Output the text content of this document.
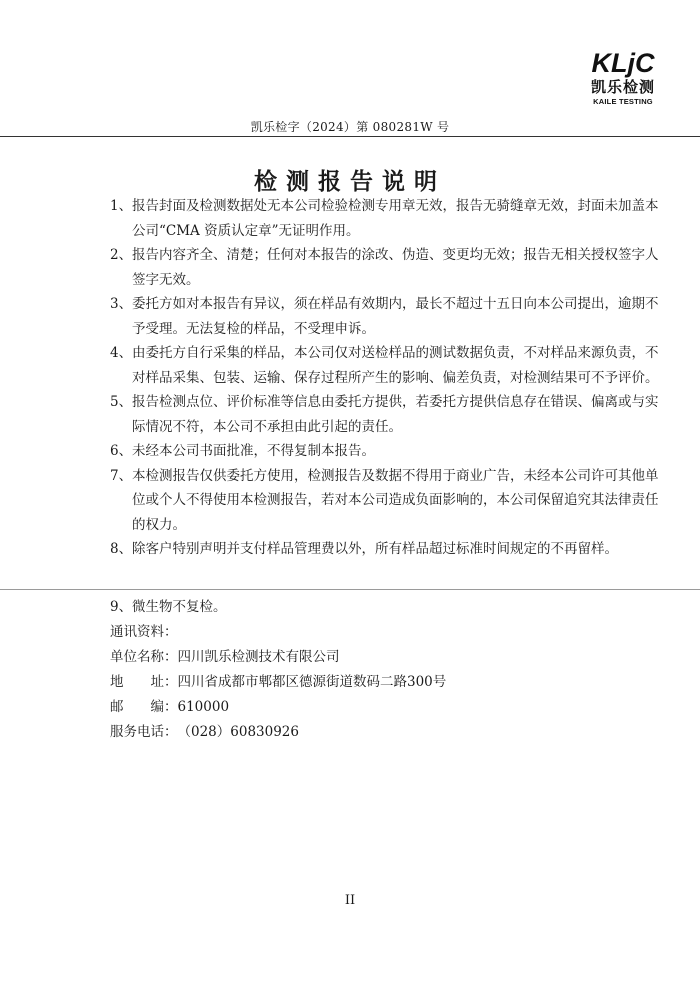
KLjC
凯乐检测
KAILE TESTING
凯乐检字（2024）第 080281W 号
检测报告说明
1、 报告封面及检测数据处无本公司检验检测专用章无效，报告无骑缝章无效，封面未加盖本公司“CMA 资质认定章”无证明作用。
2、 报告内容齐全、清楚；任何对本报告的涂改、伪造、变更均无效；报告无相关授权签字人签字无效。
3、 委托方如对本报告有异议，须在样品有效期内，最长不超过十五日向本公司提出，逾期不予受理。无法复检的样品，不受理申诉。
4、 由委托方自行采集的样品，本公司仅对送检样品的测试数据负责，不对样品来源负责，不对样品采集、包装、运输、保存过程所产生的影响、偏差负责，对检测结果可不予评价。
5、 报告检测点位、评价标准等信息由委托方提供，若委托方提供信息存在错误、偏离或与实际情况不符，本公司不承担由此引起的责任。
6、 未经本公司书面批准，不得复制本报告。
7、 本检测报告仅供委托方使用，检测报告及数据不得用于商业广告，未经本公司许可其他单位或个人不得使用本检测报告，若对本公司造成负面影响的，本公司保留追究其法律责任的权力。
8、 除客户特别声明并支付样品管理费以外，所有样品超过标准时间规定的不再留样。
9、 微生物不复检。
通讯资料：
单位名称： 四川凯乐检测技术有限公司
地　　址： 四川省成都市郫都区德源街道数码二路300号
邮　　编： 610000
服务电话： （028）60830926
II
